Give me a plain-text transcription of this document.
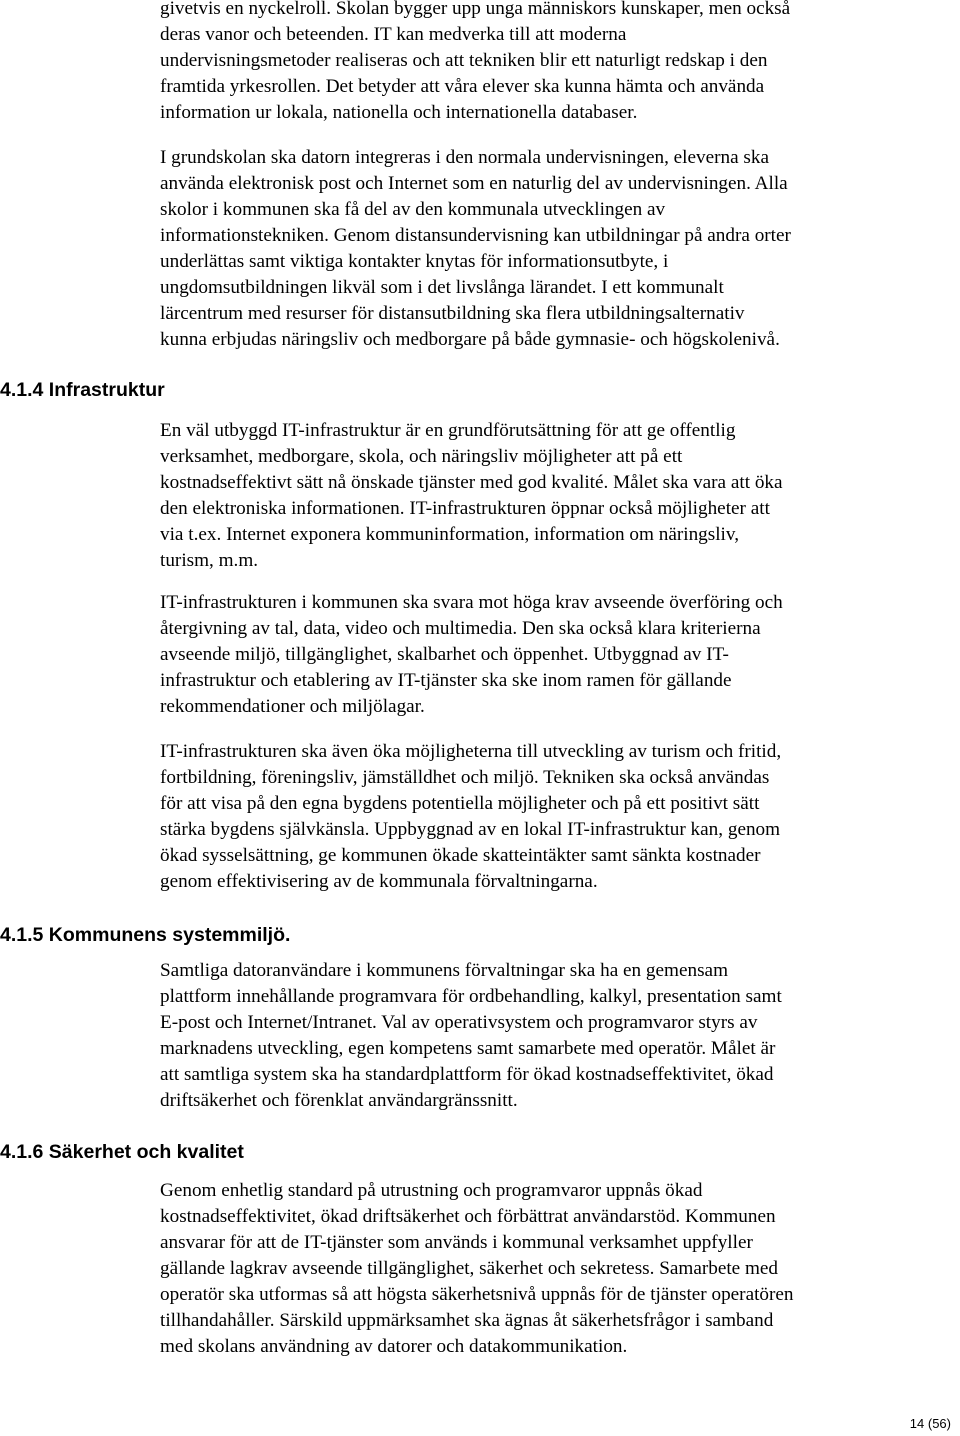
givetvis en nyckelroll. Skolan bygger upp unga människors kunskaper, men också
deras vanor och beteenden. IT kan medverka till att moderna
undervisningsmetoder realiseras och att tekniken blir ett naturligt redskap i den
framtida yrkesrollen. Det betyder att våra elever ska kunna hämta och använda
information ur lokala, nationella och internationella databaser.
I grundskolan ska datorn integreras i den normala undervisningen, eleverna ska
använda elektronisk post och Internet som en naturlig del av undervisningen. Alla
skolor i kommunen ska få del av den kommunala utvecklingen av
informationstekniken. Genom distansundervisning kan utbildningar på andra orter
underlättas samt viktiga kontakter knytas för informationsutbyte, i
ungdomsutbildningen likväl som i det livslånga lärandet. I ett kommunalt
lärcentrum med resurser för distansutbildning ska flera utbildningsalternativ
kunna erbjudas näringsliv och medborgare på både gymnasie- och högskolenivå.
4.1.4 Infrastruktur
En väl utbyggd IT-infrastruktur är en grundförutsättning för att ge offentlig
verksamhet, medborgare, skola, och näringsliv möjligheter att på ett
kostnadseffektivt sätt nå önskade tjänster med god kvalité. Målet ska vara att öka
den elektroniska informationen. IT-infrastrukturen öppnar också möjligheter att
via t.ex. Internet exponera kommuninformation, information om näringsliv,
turism, m.m.
IT-infrastrukturen i kommunen ska svara mot höga krav avseende överföring och
återgivning av tal, data, video och multimedia. Den ska också klara kriterierna
avseende miljö, tillgänglighet, skalbarhet och öppenhet. Utbyggnad av IT-
infrastruktur och etablering av IT-tjänster ska ske inom ramen för gällande
rekommendationer och miljölagar.
IT-infrastrukturen ska även öka möjligheterna till utveckling av turism och fritid,
fortbildning, föreningsliv, jämställdhet och miljö. Tekniken ska också användas
för att visa på den egna bygdens potentiella möjligheter och på ett positivt sätt
stärka bygdens självkänsla. Uppbyggnad av en lokal IT-infrastruktur kan, genom
ökad sysselsättning, ge kommunen ökade skatteintäkter samt sänkta kostnader
genom effektivisering av de kommunala förvaltningarna.
4.1.5 Kommunens systemmiljö.
Samtliga datoranvändare i kommunens förvaltningar ska ha en gemensam
plattform innehållande programvara för ordbehandling, kalkyl, presentation samt
E-post och Internet/Intranet. Val av operativsystem och programvaror styrs av
marknadens utveckling, egen kompetens samt samarbete med operatör. Målet är
att samtliga system ska ha standardplattform för ökad kostnadseffektivitet, ökad
driftsäkerhet och förenklat användargränssnitt.
4.1.6 Säkerhet och kvalitet
Genom enhetlig standard på utrustning och programvaror uppnås ökad
kostnadseffektivitet, ökad driftsäkerhet och förbättrat användarstöd. Kommunen
ansvarar för att de IT-tjänster som används i kommunal verksamhet uppfyller
gällande lagkrav avseende tillgänglighet, säkerhet och sekretess. Samarbete med
operatör ska utformas så att högsta säkerhetsnivå uppnås för de tjänster operatören
tillhandahåller. Särskild uppmärksamhet ska ägnas åt säkerhetsfrågor i samband
med skolans användning av datorer och datakommunikation.
14 (56)
